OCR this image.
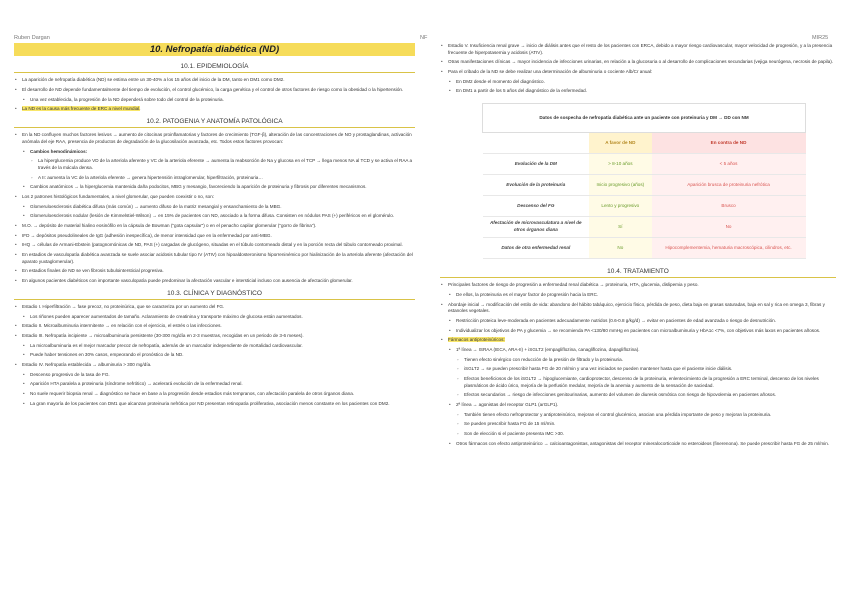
Ruben Dargan	NF	MIR25
10. Nefropatía diabética (ND)
10.1. EPIDEMIOLOGÍA

• La aparición de nefropatía diabética (ND) se estima entre un 30-40% a los 15 años del inicio de la DM, tanto en DM1 como DM2.

• El desarrollo de ND depende fundamentalmente del tiempo de evolución, el control glucémico, la carga genética y el control de otros factores de riesgo como la obesidad o la hipertensión.

• Una vez establecida, la progresión de la ND dependerá sobre todo del control de la proteinuria.

• La ND es la causa más frecuente de ERC a nivel mundial.

10.2. PATOGENIA Y ANATOMÍA PATOLÓGICA

• En la ND confluyen muchos factores lesivos → aumento de citocinas proinflamatorias y factores de crecimiento (TGF-β), alteración de las concentraciones de NO y prostaglandinas, activación anómala del eje RAA, presencia de productos de degradación de la glucosilación avanzada, etc. Todos estos factores provocan:

• Cambios hemodinámicos:

◦ La hiperglucemia produce VD de la arteriola aferente y VC de la arteriola eferente → aumenta la reabsorción de Na y glucosa en el TCP → llega menos NA al TCD y se activa el RAA a través de la mácula densa.

◦ A II: aumenta la VC de la arteriola eferente → genera hipertensión intraglomerular, hiperfiltración, proteinuria…

• Cambios anatómicos → la hiperglucemia mantenida daña podocitos, MBG y mesangio, favoreciendo la aparición de proteinuria y fibrosis por diferentes mecanismos.

• Los 2 patrones histológicos fundamentales, a nivel glomerular, que pueden coexistir o no, son:

• Glomeruloesclerosis diabética difusa (más común) → aumento difuso de la matriz mesangial y ensanchamiento de la MBG.

• Glomeruloesclerosis nodular (lesión de Kimmelstiel-Wilson) → en 15% de pacientes con ND, asociado a la forma difusa. Consisten en nódulos PAS (+) periféricos en el glomérulo.

• M.O. → depósito de material hialino eosinófilo en la cápsula de Bowman ("gota capsular") o en el penacho capilar glomerular ("gorro de fibrina").

• IFD → depósitos pseudolineales de IgG (adhesión inespecífica), de menor intensidad que en la enfermedad por anti-MBG.

• IHQ → células de Armani-Ebstein (patognomónicas de ND, PAS (+) cargadas de glucógeno, situadas en el túbulo contorneado distal y en la porción recta del túbulo contorneado proximal.

• En estadios de vasculopatía diabética avanzada se suele asociar acidosis tubular tipo IV (ATIV) con hipoaldosteronismo hiporreninémico por hialinización de la arteriola aferente (afectación del aparato yuxtaglomerular).

• En estadios finales de ND se ven fibrosis tubulointersticial progresiva.

• En algunos pacientes diabéticos con importante vasculopatía puede predominar la afectación vascular e intersticial incluso con ausencia de afectación glomerular.

10.3. CLÍNICA Y DIAGNÓSTICO

• Estadio I. Hiperfiltración → fase precoz, no proteinúrica, que se caracteriza por un aumento del FG.

• Los riñones pueden aparecer aumentados de tamaño. Aclaramiento de creatinina y transporte máximo de glucosa están aumentados.

• Estadio II. Microalbuminuria intermitente → en relación con el ejercicio, el estrés o las infecciones.

• Estadio III. Nefropatía incipiente → microalbuminuria persistente (30-300 mg/día en 2-3 muestras, recogidas en un periodo de 3-6 meses).

• La microalbuminuria es el mejor marcador precoz de nefropatía, además de un marcador independiente de mortalidad cardiovascular.

• Puede haber tensiones en 30% casos, empeorando el pronóstico de la ND.

• Estadio IV. Nefropatía establecida → albuminuria > 300 mg/día.

• Descenso progresivo de la tasa de FG.

• Aparición HTA paralela a proteinuria (síndrome nefrótico) → acelerará evolución de la enfermedad renal.

• No suele requerir biopsia renal → diagnóstico se hace en base a la progresión desde estadios más tempranos, con afectación paralela de otros órganos diana.

• La gran mayoría de los pacientes con DM1 que alcanzan proteinuria nefrótica por ND presentan retinopatía proliferativa, asociación menos constante en los pacientes con DM2.

• Estadio V. Insuficiencia renal grave → inicio de diálisis antes que el resto de los pacientes con ERCA, debido a mayor riesgo cardiovascular, mayor velocidad de progresión, y a la presencia frecuente de hiperpotasemia y acidosis (ATIV).

• Otras manifestaciones clínicas → mayor incidencia de infecciones urinarias, en relación a la glucosuria o al desarrollo de complicaciones secundarias (vejiga neurógena, necrosis de papila).

• Para el cribado de la ND se debe realizar una determinación de albuminuria o cociente Alb/Cr anual:

• En DM2 desde el momento del diagnóstico.

• En DM1 a partir de los 5 años del diagnóstico de la enfermedad.

Datos de sospecha de nefropatía diabética ante un paciente con proteinuria y DM → DD con NM		
	A favor de ND	En contra de ND
Evolución de la DM	> 8-10 años	< 5 años
Evolución de la proteinuria	Inicio progresivo (años)	Aparición brusca de proteinuria nefrótica
Descenso del FG	Lento y progresivo	Brusco
Afectación de microvasculatura a nivel de otros órganos diana	Sí	No
Datos de otra enfermedad renal	No	Hipocomplementemia, hematuria macroscópica, cilindros, etc.
10.4. TRATAMIENTO

• Principales factores de riesgo de progresión a enfermedad renal diabética → proteinuria, HTA, glucemia, dislipemia y peso.

• De ellos, la proteinuria es el mayor factor de progresión hacia la ERC.

• Abordaje inicial → modificación del estilo de vida: abandono del hábito tabáquico, ejercicio físico, pérdida de peso, dieta baja en grasas saturadas, baja en sal y rica en omega 3, fibras y estanoles vegetales.

• Restricción proteica leve-moderada en pacientes adecuadamente nutridos (0.6-0.8 g/kg/d) → evitar en pacientes de edad avanzada o riesgo de desnutrición.

• Individualizar los objetivos de PA y glucemia → se recomienda PA <130/80 mmHg en pacientes con microalbuminuria y HbA1c <7%, con objetivos más laxos en pacientes añosos.

• Fármacos antiproteinúricos:

• 1ª línea → ISRAA (IECA, ARA-II) + iSGLT2 (empagliflozina, canagliflozina, dapagliflozina).

◦ Tienen efecto sinérgico con reducción de la presión de filtrado y la proteinuria.

◦ iSGLT2 → se pueden prescribir hasta FG de 20 ml/min y una vez iniciados se pueden mantener hasta que el paciente inicie diálisis.

◦ Efectos beneficiosos de los iSGLT2 → hipoglucemiante, cardioprotector, descenso de la proteinuria, enlentecimiento de la progresión a ERC terminal, descenso de los niveles plasmáticos de ácido úrico, mejoría de la perfusión medular, mejoría de la anemia y aumento de la sensación de saciedad.

◦ Efectos secundarios → riesgo de infecciones genitourinarias, aumento del volumen de diuresis osmótica con riesgo de hipovolemia en pacientes añosos.

• 2ª línea → agonistas del receptor GLP1 (arGLP1).

◦ También tienen efecto nefroprotector y antiproteinúrico, mejoran el control glucémico, asocian una pérdida importante de peso y mejoran la proteinuria.

◦ Se pueden prescribir hasta FG de 15 ml/min.

◦ Son de elección si el paciente presenta IMC >30.

• Otros fármacos con efecto antiproteinúrico → calcioantagonistas, antagonistas del receptor mineralocorticoide no esteroideos (finerenona). Se puede prescribir hasta FG de 25 ml/min.
